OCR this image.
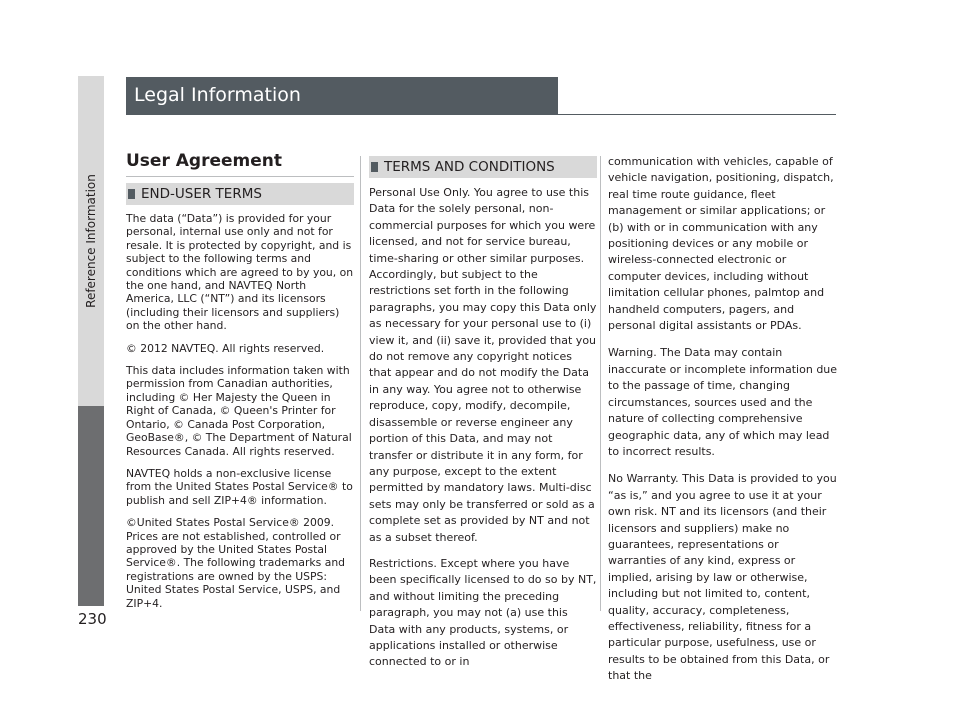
Reference Information
230
Legal Information
User Agreement
END-USER TERMS

The data (“Data”) is provided for your personal, internal use only and not for resale. It is protected by copyright, and is subject to the following terms and conditions which are agreed to by you, on the one hand, and NAVTEQ North America, LLC (“NT”) and its licensors (including their licensors and suppliers) on the other hand.

© 2012 NAVTEQ. All rights reserved.

This data includes information taken with permission from Canadian authorities, including © Her Majesty the Queen in Right of Canada, © Queen's Printer for Ontario, © Canada Post Corporation, GeoBase®, © The Department of Natural Resources Canada. All rights reserved.

NAVTEQ holds a non-exclusive license from the United States Postal Service® to publish and sell ZIP+4® information.

©United States Postal Service® 2009. Prices are not established, controlled or approved by the United States Postal Service®. The following trademarks and registrations are owned by the USPS: United States Postal Service, USPS, and ZIP+4.

TERMS AND CONDITIONS

Personal Use Only. You agree to use this Data for the solely personal, non-commercial purposes for which you were licensed, and not for service bureau, time-sharing or other similar purposes. Accordingly, but subject to the restrictions set forth in the following paragraphs, you may copy this Data only as necessary for your personal use to (i) view it, and (ii) save it, provided that you do not remove any copyright notices that appear and do not modify the Data in any way. You agree not to otherwise reproduce, copy, modify, decompile, disassemble or reverse engineer any portion of this Data, and may not transfer or distribute it in any form, for any purpose, except to the extent permitted by mandatory laws. Multi-disc sets may only be transferred or sold as a complete set as provided by NT and not as a subset thereof.

Restrictions. Except where you have been specifically licensed to do so by NT, and without limiting the preceding paragraph, you may not (a) use this Data with any products, systems, or applications installed or otherwise connected to or in

communication with vehicles, capable of vehicle navigation, positioning, dispatch, real time route guidance, fleet management or similar applications; or (b) with or in communication with any positioning devices or any mobile or wireless-connected electronic or computer devices, including without limitation cellular phones, palmtop and handheld computers, pagers, and personal digital assistants or PDAs.

Warning. The Data may contain inaccurate or incomplete information due to the passage of time, changing circumstances, sources used and the nature of collecting comprehensive geographic data, any of which may lead to incorrect results.

No Warranty. This Data is provided to you “as is,” and you agree to use it at your own risk. NT and its licensors (and their licensors and suppliers) make no guarantees, representations or warranties of any kind, express or implied, arising by law or otherwise, including but not limited to, content, quality, accuracy, completeness, effectiveness, reliability, fitness for a particular purpose, usefulness, use or results to be obtained from this Data, or that the
